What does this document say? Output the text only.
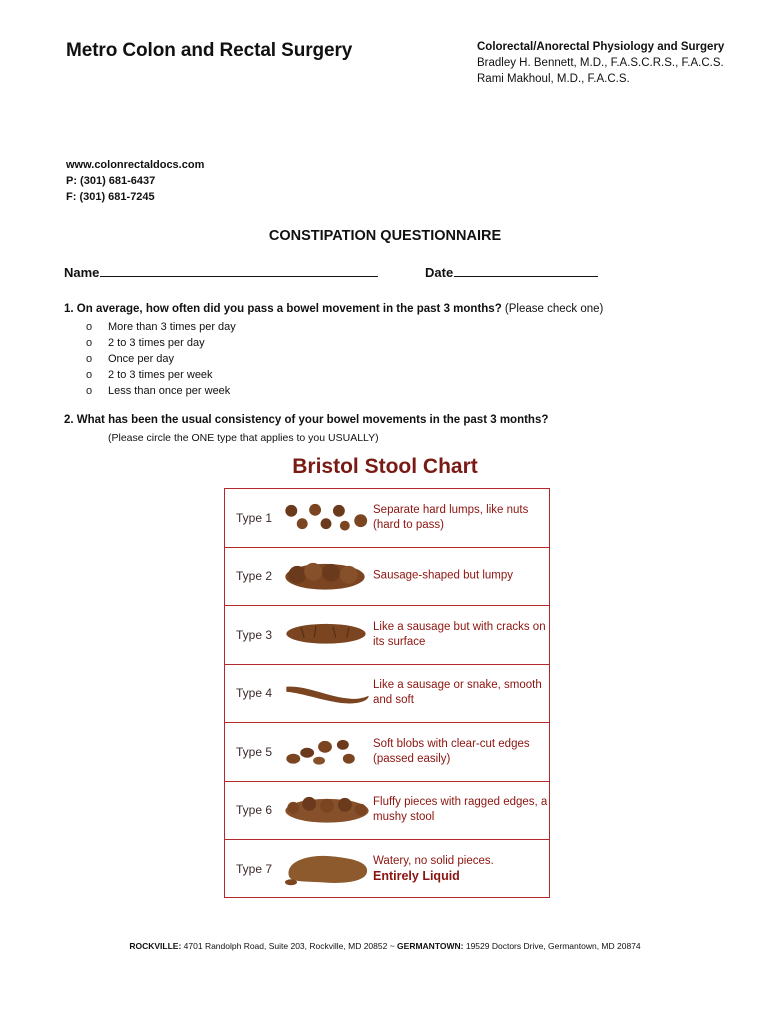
Metro Colon and Rectal Surgery	Colorectal/Anorectal Physiology and Surgery
Bradley H. Bennett, M.D., F.A.S.C.R.S., F.A.C.S.
Rami Makhoul, M.D., F.A.C.S.
www.colonrectaldocs.com
P: (301) 681-6437
F: (301) 681-7245
CONSTIPATION QUESTIONNAIRE
Name	Date
1. On average, how often did you pass a bowel movement in the past 3 months? (Please check one)
o	More than 3 times per day
o	2 to 3 times per day
o	Once per day
o	2 to 3 times per week
o	Less than once per week
2. What has been the usual consistency of your bowel movements in the past 3 months?
(Please circle the ONE type that applies to you USUALLY)
Bristol Stool Chart
Type 1
Separate hard lumps, like nuts (hard to pass)
Type 2	Sausage-shaped but lumpy
Type 3
Like a sausage but with cracks on its surface
Type 4
Like a sausage or snake, smooth and soft
Type 5
Soft blobs with clear-cut edges (passed easily)
Type 6
Fluffy pieces with ragged edges, a mushy stool
Type 7
Watery, no solid pieces.
Entirely Liquid
ROCKVILLE: 4701 Randolph Road, Suite 203, Rockville, MD 20852 ~ GERMANTOWN: 19529 Doctors Drive, Germantown, MD 20874
